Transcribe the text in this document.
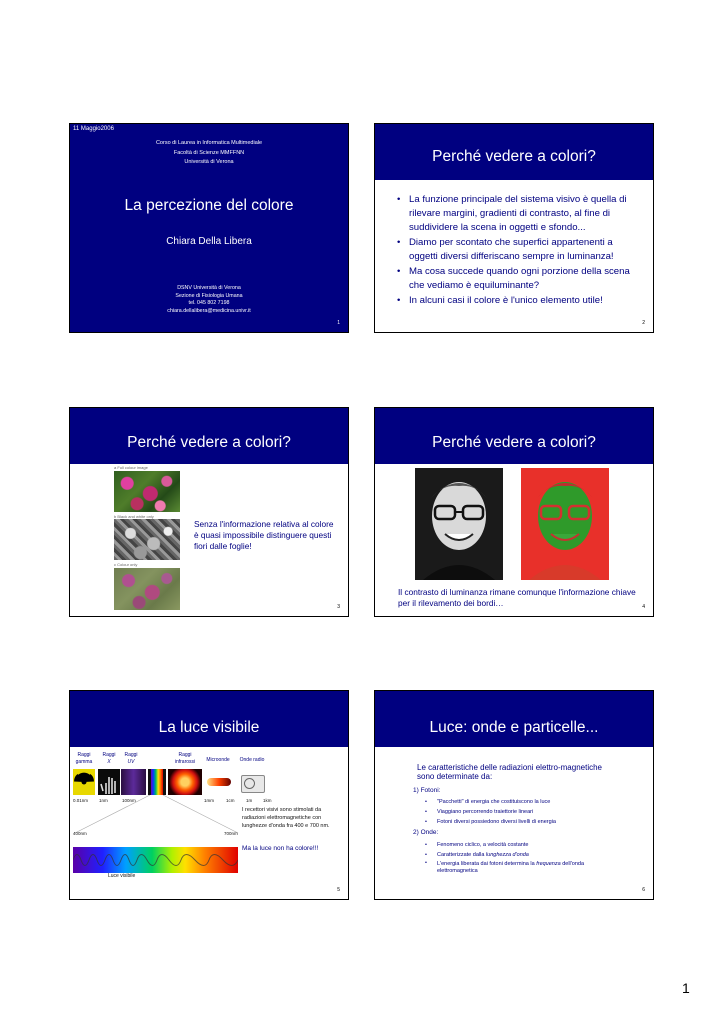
11 Maggio2006
Corso di Laurea in Informatica Multimediale
Facoltà di Scienze MMFFNN
Università di Verona
La percezione del colore
Chiara Della Libera
DSNV Università di Verona
Sezione di Fisiologia Umana
tel. 045 802 7198
chiara.dellalibera@medicina.univr.it
1
Perché vedere a colori?
• La funzione principale del sistema visivo è quella di rilevare margini, gradienti di contrasto, al fine di suddividere la scena in oggetti e sfondo...
• Diamo per scontato che superfici appartenenti a oggetti diversi differiscano sempre in luminanza!
• Ma cosa succede quando ogni porzione della scena che vediamo è equiluminante?
• In alcuni casi il colore è l'unico elemento utile!
2
Perché vedere a colori?
a Full colour image
b Black and white only
c Colour only
Senza l'informazione relativa al colore è quasi impossibile distinguere questi fiori dalle foglie!
3
Perché vedere a colori?
Il contrasto di luminanza rimane comunque l'informazione chiave per il rilevamento dei bordi…	4
La luce visibile
Raggi
gamma
Raggi
X
Raggi
UV
Raggi
infrarossi	Microonde	Onde radio
0.01nm 1nm	100nm	1mm	1cm	1m 1km
400nm	700nm
Luce visibile
I recettori visivi sono stimolati da radiazioni elettromagnetiche con lunghezze d'onda fra 400 e 700 nm.
Ma la luce non ha colore!!!
5
Luce: onde e particelle...
Le caratteristiche delle radiazioni elettro-magnetiche sono determinate da:
1) Fotoni:
• "Pacchetti" di energia che costituiscono la luce
• Viaggiano percorrendo traiettorie lineari
• Fotoni diversi possiedono diversi livelli di energia
2) Onde:
• Fenomeno ciclico, a velocità costante
• Caratterizzate dalla lunghezza d'onda
• L'energia liberata dai fotoni determina la frequenza dell'onda elettromagnetica
6
1
